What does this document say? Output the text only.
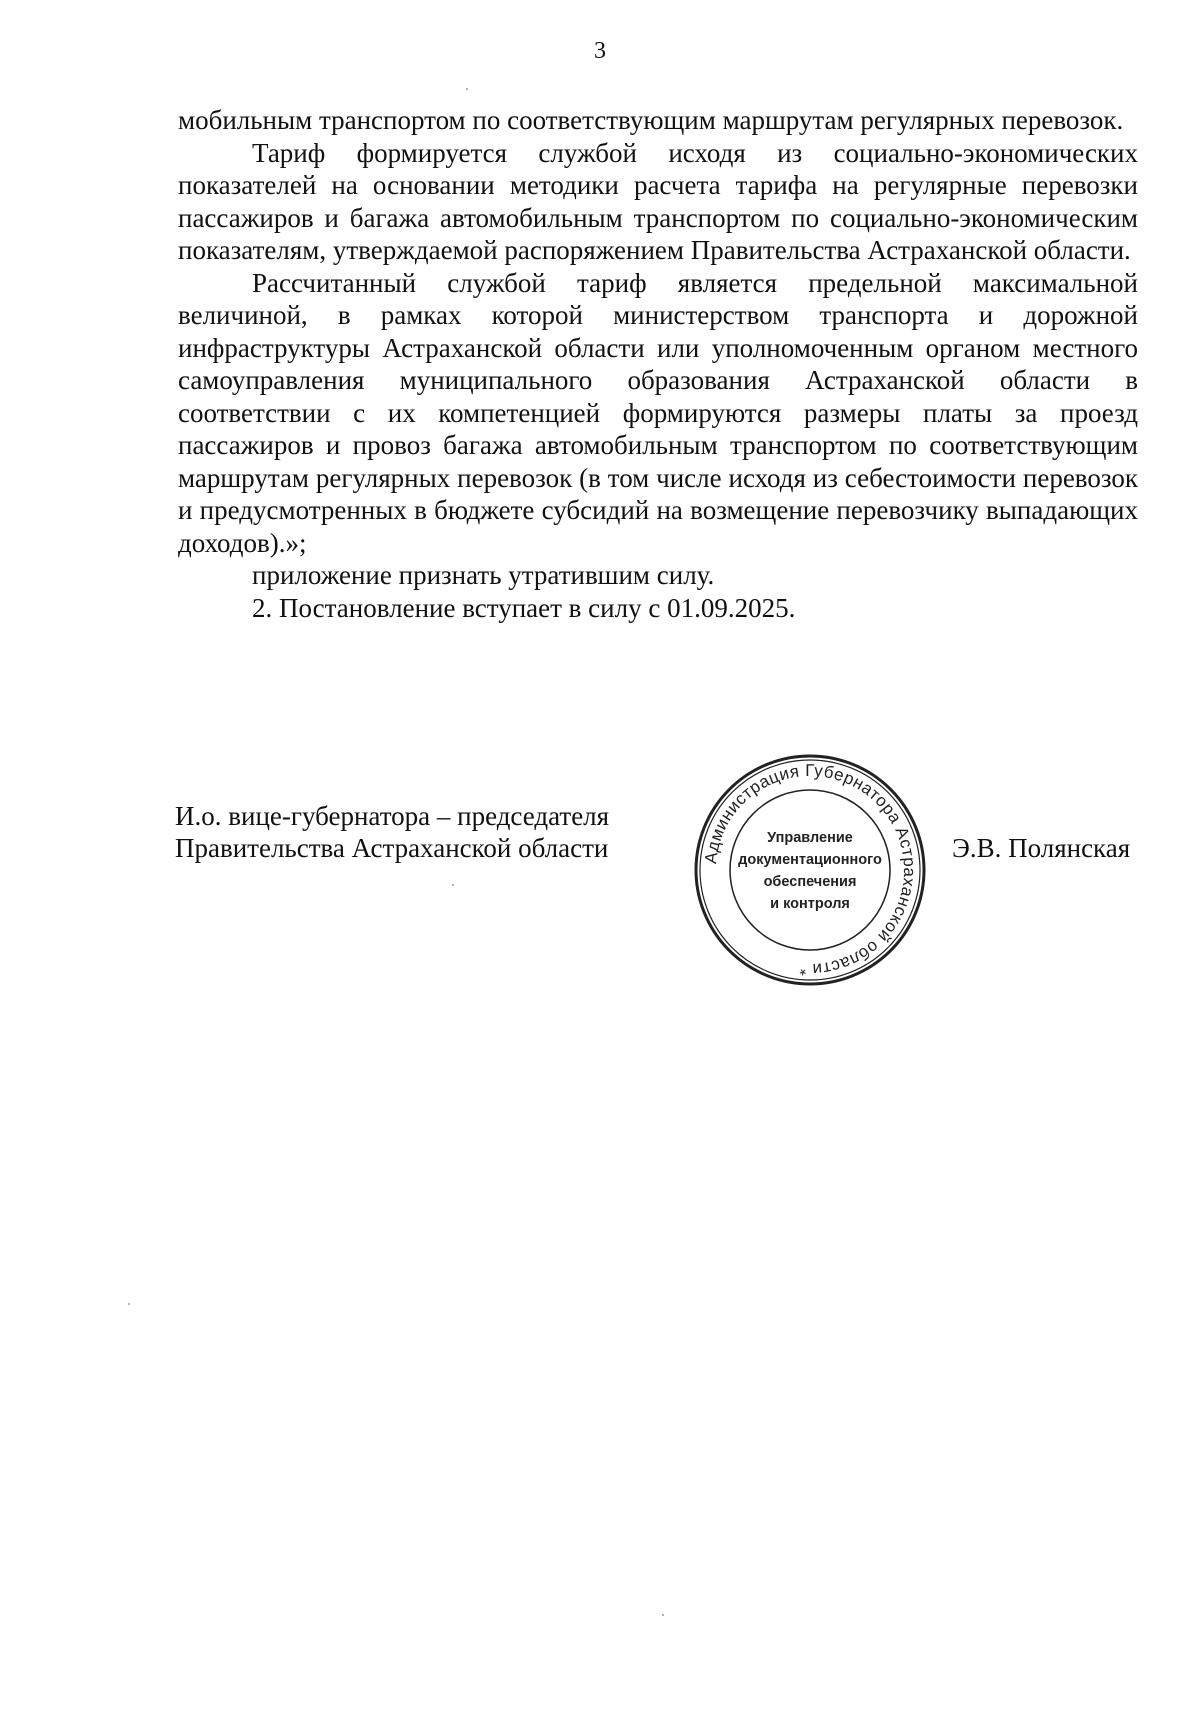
3

мобильным транспортом по соответствующим маршрутам регулярных перевозок.

Тариф формируется службой исходя из социально-экономических показателей на основании методики расчета тарифа на регулярные перевозки пассажиров и багажа автомобильным транспортом по социально-экономическим показателям, утверждаемой распоряжением Правительства Астраханской области.

Рассчитанный службой тариф является предельной максимальной величиной, в рамках которой министерством транспорта и дорожной инфраструктуры Астраханской области или уполномоченным органом местного самоуправления муниципального образования Астраханской области в соответствии с их компетенцией формируются размеры платы за проезд пассажиров и провоз багажа автомобильным транспортом по соответствующим маршрутам регулярных перевозок (в том числе исходя из себестоимости перевозок и предусмотренных в бюджете субсидий на возмещение перевозчику выпадающих доходов).»;

приложение признать утратившим силу.

2. Постановление вступает в силу с 01.09.2025.

И.о. вице-губернатора – председателя
Правительства Астраханской области	Администрация Губернатора Астраханской области *
Управление
документационного
обеспечения
и контроля
Э.В. Полянская
